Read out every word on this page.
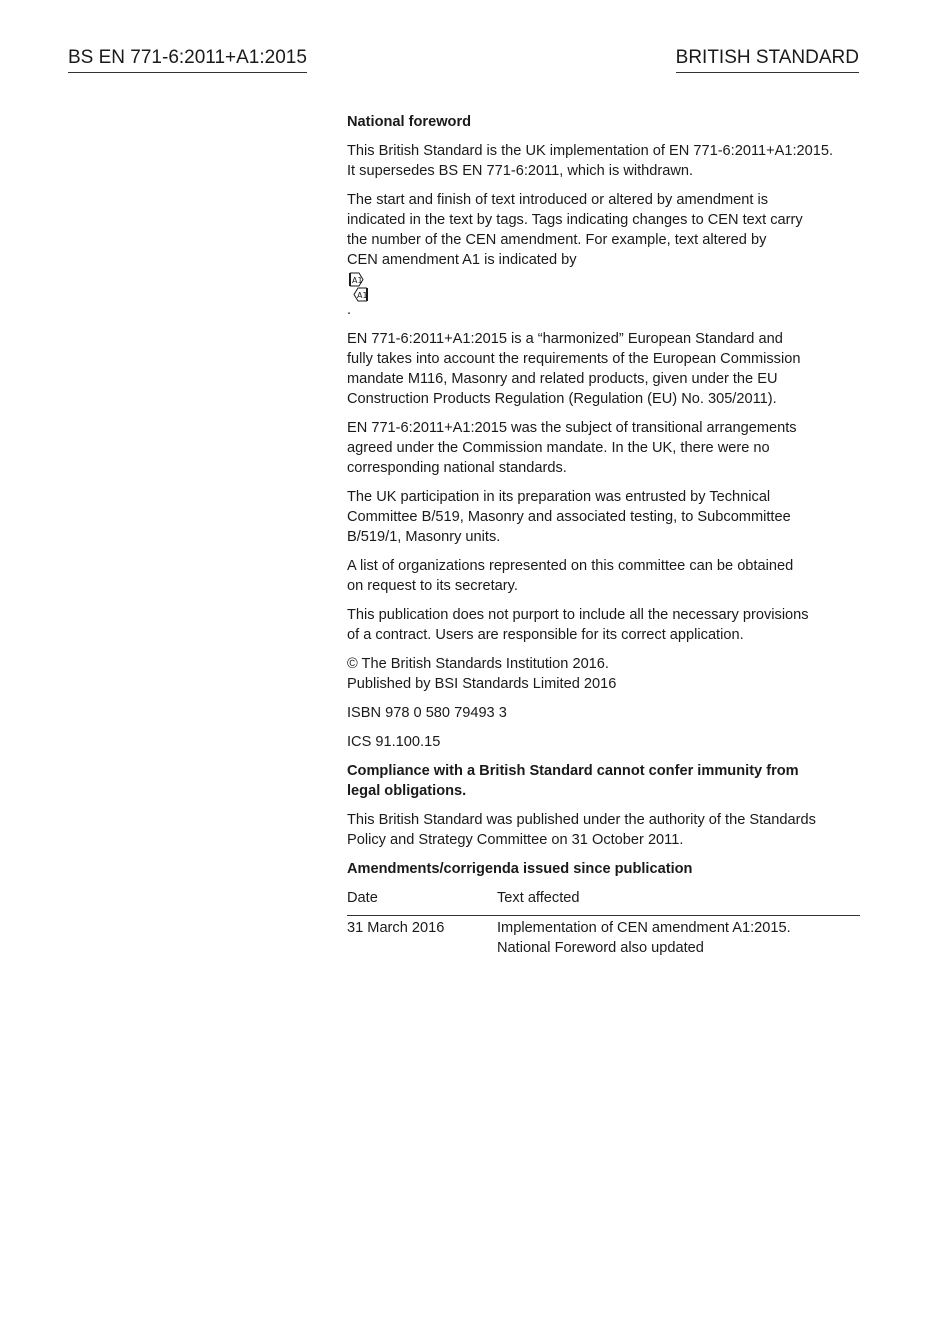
BS EN 771-6:2011+A1:2015	BRITISH STANDARD
National foreword

This British Standard is the UK implementation of EN 771-6:2011+A1:2015.
It supersedes BS EN 771-6:2011, which is withdrawn.

The start and finish of text introduced or altered by amendment is
indicated in the text by tags. Tags indicating changes to CEN text carry
the number of the CEN amendment. For example, text altered by
CEN amendment A1 is indicated by
A1
A1
.

EN 771-6:2011+A1:2015 is a “harmonized” European Standard and
fully takes into account the requirements of the European Commission
mandate M116, Masonry and related products, given under the EU
Construction Products Regulation (Regulation (EU) No. 305/2011).

EN 771-6:2011+A1:2015 was the subject of transitional arrangements
agreed under the Commission mandate. In the UK, there were no
corresponding national standards.

The UK participation in its preparation was entrusted by Technical
Committee B/519, Masonry and associated testing, to Subcommittee
B/519/1, Masonry units.

A list of organizations represented on this committee can be obtained
on request to its secretary.

This publication does not purport to include all the necessary provisions
of a contract. Users are responsible for its correct application.

© The British Standards Institution 2016.
Published by BSI Standards Limited 2016

ISBN 978 0 580 79493 3

ICS 91.100.15

Compliance with a British Standard cannot confer immunity from
legal obligations.

This British Standard was published under the authority of the Standards
Policy and Strategy Committee on 31 October 2011.

Amendments/corrigenda issued since publication

Date	Text affected
31 March 2016	Implementation of CEN amendment A1:2015.
National Foreword also updated
